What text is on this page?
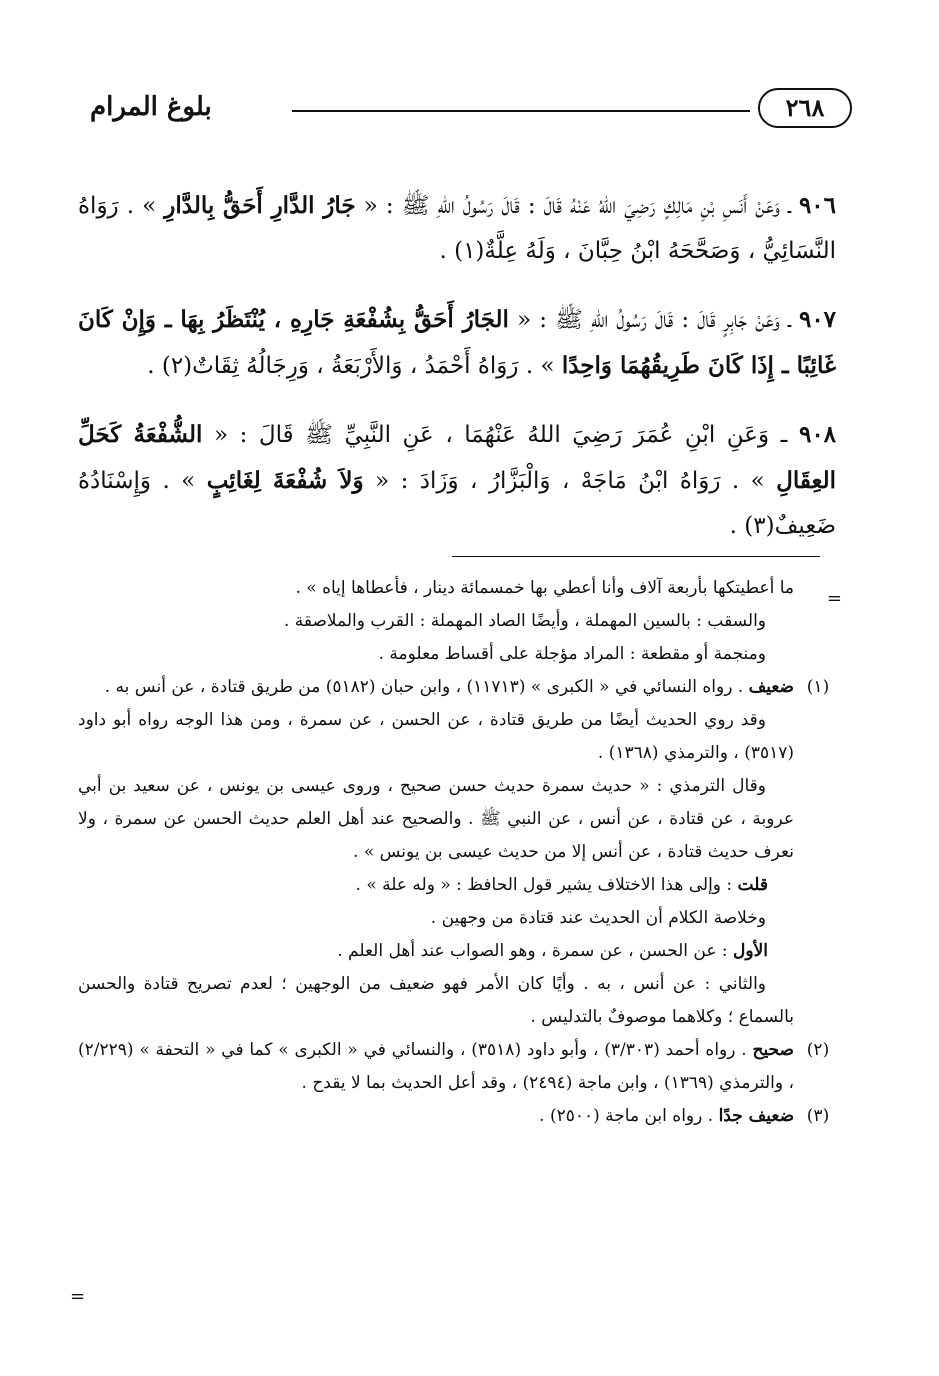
بلوغ المرام	٢٦٨

٩٠٦ ـ وَعَنْ أَنَسِ بْنِ مَالِكٍ رَضِيَ اللهُ عَنْهُ قَالَ : قَالَ رَسُولُ اللهِ ﷺ : « جَارُ الدَّارِ أَحَقُّ بِالدَّارِ » . رَوَاهُ النَّسَائِيُّ ، وَصَحَّحَهُ ابْنُ حِبَّانَ ، وَلَهُ عِلَّةٌ(١) .

٩٠٧ ـ وَعَنْ جَابِرٍ قَالَ : قَالَ رَسُولُ اللهِ ﷺ : « الجَارُ أَحَقُّ بِشُفْعَةِ جَارِهِ ، يُنْتَظَرُ بِهَا ـ وَإِنْ كَانَ غَائِبًا ـ إِذَا كَانَ طَرِيقُهُمَا وَاحِدًا » . رَوَاهُ أَحْمَدُ ، وَالأَرْبَعَةُ ، وَرِجَالُهُ ثِقَاتٌ(٢) .

٩٠٨ ـ وَعَنِ ابْنِ عُمَرَ رَضِيَ اللهُ عَنْهُمَا ، عَنِ النَّبِيِّ ﷺ قَالَ : « الشُّفْعَةُ كَحَلِّ العِقَالِ » . رَوَاهُ ابْنُ مَاجَهْ ، وَالْبَزَّارُ ، وَزَادَ : « وَلاَ شُفْعَةَ لِغَائِبٍ » . وَإِسْنَادُهُ ضَعِيفٌ(٣) .

=

ما أعطيتكها بأربعة آلاف وأنا أعطي بها خمسمائة دينار ، فأعطاها إياه » .

والسقب : بالسين المهملة ، وأيضًا الصاد المهملة : القرب والملاصقة .

ومنجمة أو مقطعة : المراد مؤجلة على أقساط معلومة .

(١)
ضعيف . رواه النسائي في « الكبرى » (١١٧١٣) ، وابن حبان (٥١٨٢) من طريق قتادة ، عن أنس به .

وقد روي الحديث أيضًا من طريق قتادة ، عن الحسن ، عن سمرة ، ومن هذا الوجه رواه أبو داود (٣٥١٧) ، والترمذي (١٣٦٨) .

وقال الترمذي : « حديث سمرة حديث حسن صحيح ، وروى عيسى بن يونس ، عن سعيد بن أبي عروبة ، عن قتادة ، عن أنس ، عن النبي ﷺ . والصحيح عند أهل العلم حديث الحسن عن سمرة ، ولا نعرف حديث قتادة ، عن أنس إلا من حديث عيسى بن يونس » .

قلت : وإلى هذا الاختلاف يشير قول الحافظ : « وله علة » .

وخلاصة الكلام أن الحديث عند قتادة من وجهين .

الأول : عن الحسن ، عن سمرة ، وهو الصواب عند أهل العلم .

والثاني : عن أنس ، به . وأيًا كان الأمر فهو ضعيف من الوجهين ؛ لعدم تصريح قتادة والحسن بالسماع ؛ وكلاهما موصوفٌ بالتدليس .

(٢)
صحيح . رواه أحمد (٣/٣٠٣) ، وأبو داود (٣٥١٨) ، والنسائي في « الكبرى » كما في « التحفة » (٢/٢٢٩) ، والترمذي (١٣٦٩) ، وابن ماجة (٢٤٩٤) ، وقد أعل الحديث بما لا يقدح .
(٣)
ضعيف جدًا . رواه ابن ماجة (٢٥٠٠) .
=
